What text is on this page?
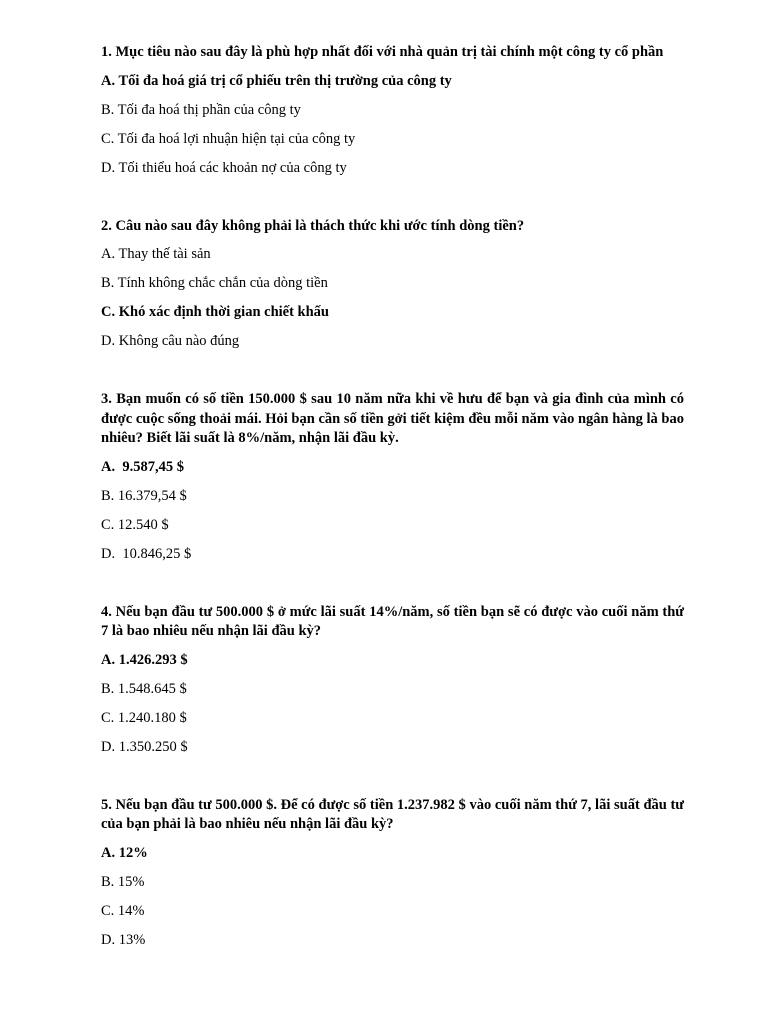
1. Mục tiêu nào sau đây là phù hợp nhất đối với nhà quản trị tài chính một công ty cổ phần
A. Tối đa hoá giá trị cổ phiếu trên thị trường của công ty
B. Tối đa hoá thị phần của công ty
C. Tối đa hoá lợi nhuận hiện tại của công ty
D. Tối thiểu hoá các khoản nợ của công ty
2. Câu nào sau đây không phải là thách thức khi ước tính dòng tiền?
A. Thay thế tài sản
B. Tính không chắc chắn của dòng tiền
C. Khó xác định thời gian chiết khấu
D. Không câu nào đúng
3. Bạn muốn có số tiền 150.000 $ sau 10 năm nữa khi về hưu để bạn và gia đình của mình có được cuộc sống thoải mái. Hỏi bạn cần số tiền gởi tiết kiệm đều mỗi năm vào ngân hàng là bao nhiêu? Biết lãi suất là 8%/năm, nhận lãi đầu kỳ.
A.  9.587,45 $
B. 16.379,54 $
C. 12.540 $
D.  10.846,25 $
4. Nếu bạn đầu tư 500.000 $ ở mức lãi suất 14%/năm, số tiền bạn sẽ có được vào cuối năm thứ 7 là bao nhiêu nếu nhận lãi đầu kỳ?
A. 1.426.293 $
B. 1.548.645 $
C. 1.240.180 $
D. 1.350.250 $
5. Nếu bạn đầu tư 500.000 $. Để có được số tiền 1.237.982 $ vào cuối năm thứ 7, lãi suất đầu tư của bạn phải là bao nhiêu nếu nhận lãi đầu kỳ?
A. 12%
B. 15%
C. 14%
D. 13%
